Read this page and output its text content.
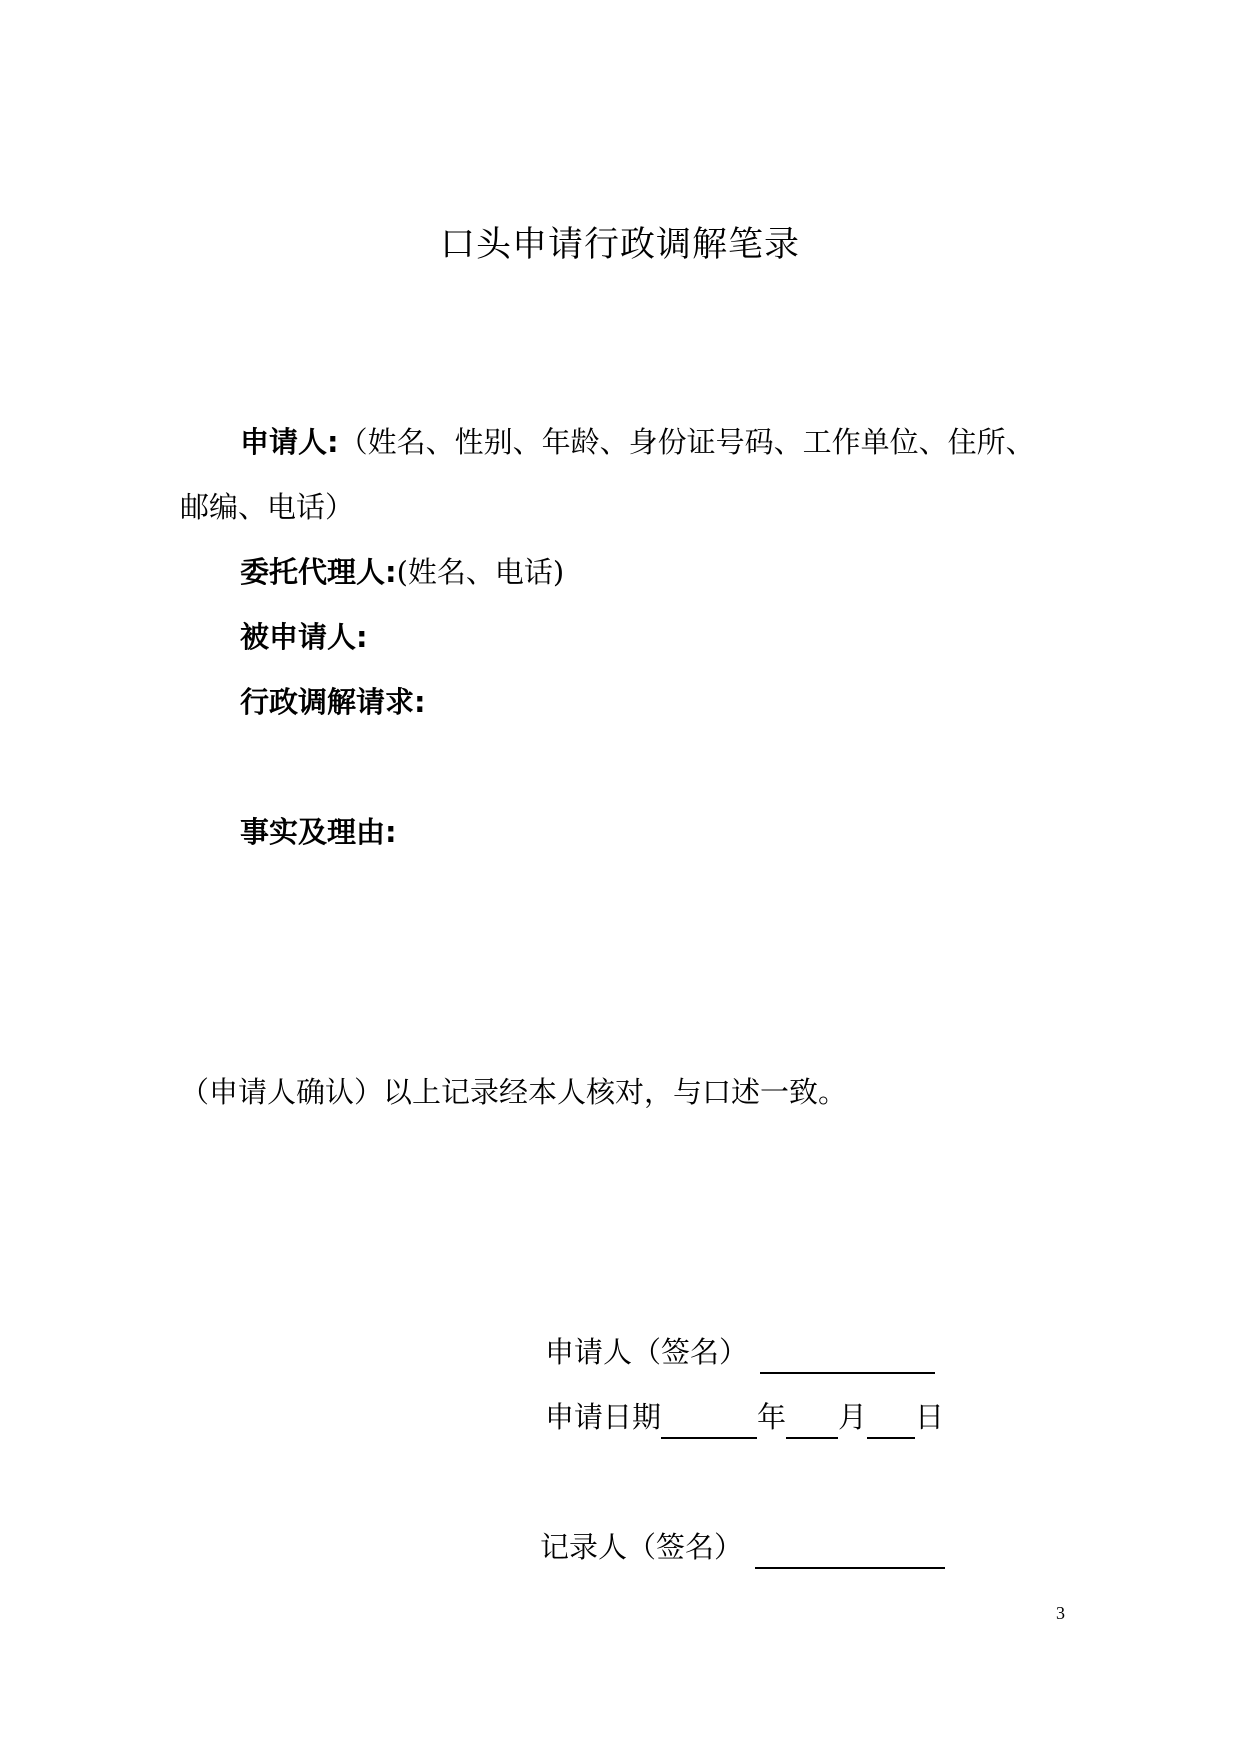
口头申请行政调解笔录
申请人:（姓名、性别、年龄、身份证号码、工作单位、住所、
邮编、电话）
委托代理人:(姓名、电话)
被申请人:
行政调解请求:
事实及理由:
（申请人确认）以上记录经本人核对，与口述一致。
申请人（签名）
申请日期	年 月 日
记录人（签名）
3
